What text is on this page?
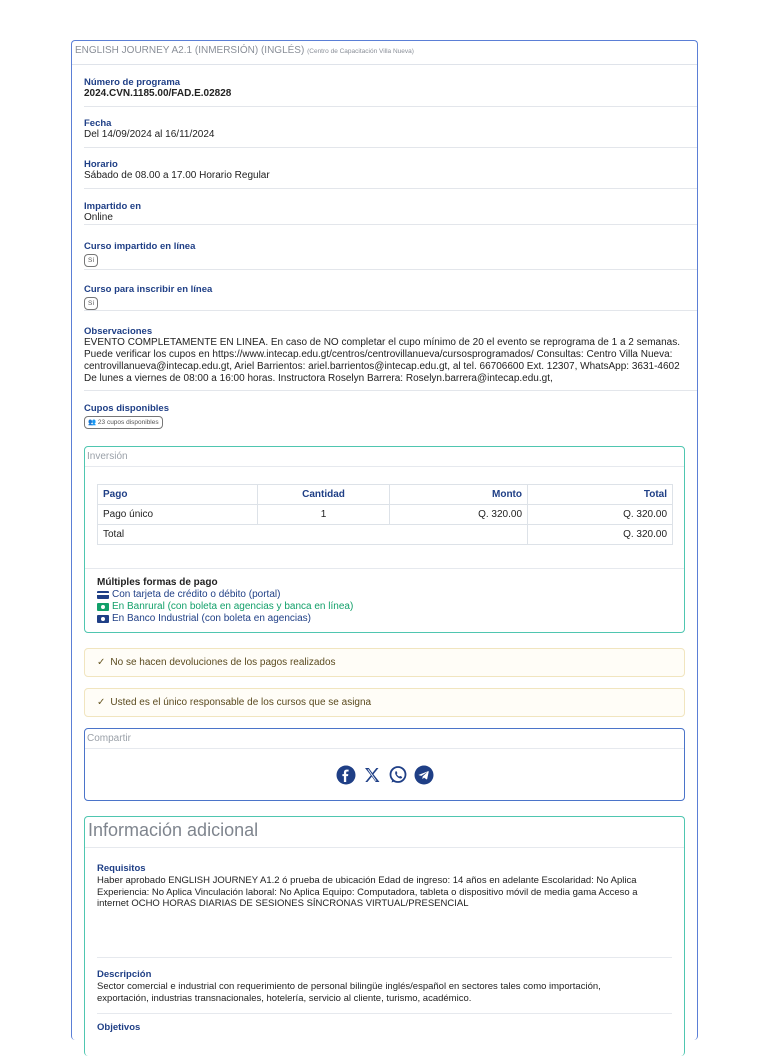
ENGLISH JOURNEY A2.1 (INMERSIÓN) (INGLÉS) (Centro de Capacitación Villa Nueva)
Número de programa
2024.CVN.1185.00/FAD.E.02828
Fecha
Del 14/09/2024 al 16/11/2024
Horario
Sábado de 08.00 a 17.00 Horario Regular
Impartido en
Online
Curso impartido en línea
Sí
Curso para inscribir en línea
Sí
Observaciones
EVENTO COMPLETAMENTE EN LINEA. En caso de NO completar el cupo mínimo de 20 el evento se reprograma de 1 a 2 semanas.
Puede verificar los cupos en https://www.intecap.edu.gt/centros/centrovillanueva/cursosprogramados/ Consultas: Centro Villa Nueva:
centrovillanueva@intecap.edu.gt, Ariel Barrientos: ariel.barrientos@intecap.edu.gt, al tel. 66706600 Ext. 12307, WhatsApp: 3631-4602
De lunes a viernes de 08:00 a 16:00 horas. Instructora Roselyn Barrera: Roselyn.barrera@intecap.edu.gt,
Cupos disponibles
👥 23 cupos disponibles
Inversión
Pago	Cantidad	Monto	Total
Pago único	1	Q. 320.00	Q. 320.00
Total			Q. 320.00
Múltiples formas de pago
Con tarjeta de crédito o débito (portal)
En Banrural (con boleta en agencias y banca en línea)
En Banco Industrial (con boleta en agencias)
✓ No se hacen devoluciones de los pagos realizados
✓ Usted es el único responsable de los cursos que se asigna
Compartir
Información adicional
Requisitos
Haber aprobado ENGLISH JOURNEY A1.2 ó prueba de ubicación Edad de ingreso: 14 años en adelante Escolaridad: No Aplica
Experiencia: No Aplica Vinculación laboral: No Aplica Equipo: Computadora, tableta o dispositivo móvil de media gama Acceso a
internet OCHO HORAS DIARIAS DE SESIONES SÍNCRONAS VIRTUAL/PRESENCIAL
Descripción
Sector comercial e industrial con requerimiento de personal bilingüe inglés/español en sectores tales como importación,
exportación, industrias transnacionales, hotelería, servicio al cliente, turismo, académico.
Objetivos
